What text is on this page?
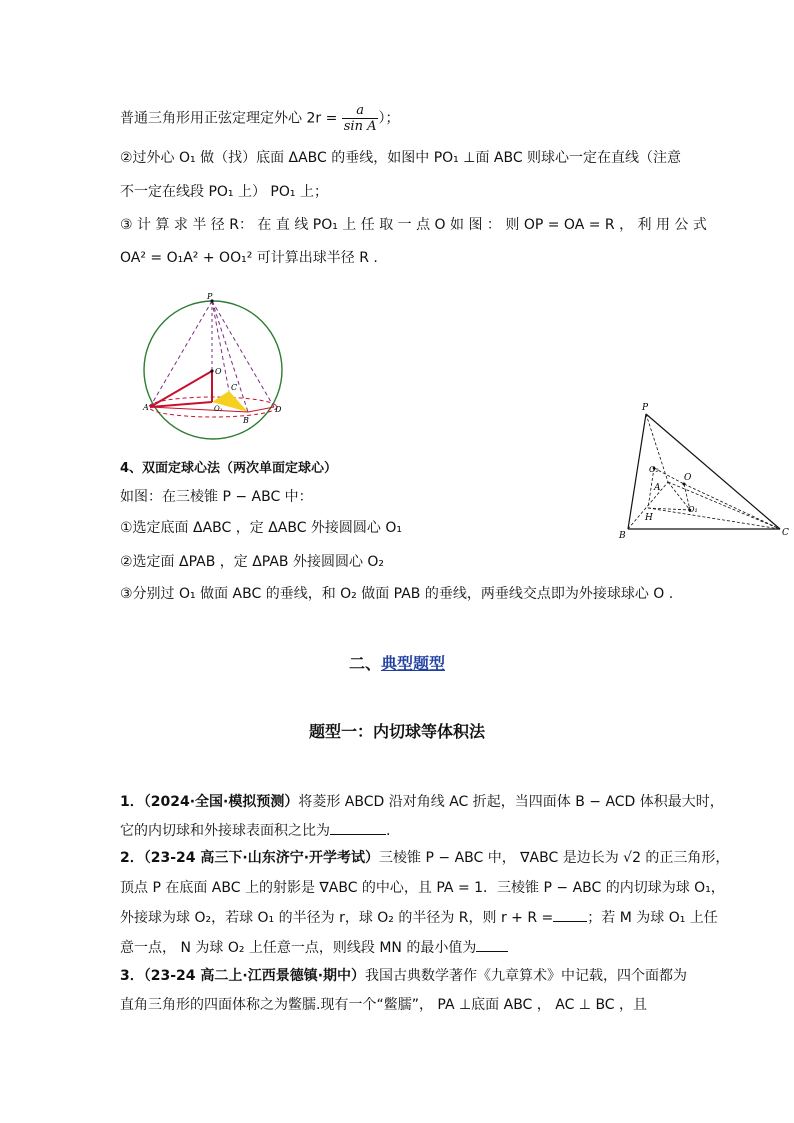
普通三角形用正弦定理定外心 $2r = \frac{a}{\text{sin A}}$ ）；
②过外心 O₁ 做（找）底面 ΔABC 的垂线，如图中 PO₁ ⊥面 ABC 则球心一定在直线（注意
不一定在线段 PO₁ 上） PO₁ 上；
③ 计 算 求 半 径 R： 在 直 线 PO₁ 上 任 取 一 点 O 如 图 ： 则 OP = OA = R ， 利 用 公 式
OA² = O₁A² + OO₁² 可计算出球半径 R .
P
O
C
A	O₁
B
D	P
O₂
O
A
H
O₁
B	C
4、双面定球心法（两次单面定球心）
如图：在三棱锥 P − ABC 中：
①选定底面 ΔABC ，定 ΔABC 外接圆圆心 O₁
②选定面 ΔPAB ，定 ΔPAB 外接圆圆心 O₂
③分别过 O₁ 做面 ABC 的垂线，和 O₂ 做面 PAB 的垂线，两垂线交点即为外接球球心 O .
二、典型题型
题型一：内切球等体积法
1．（2024·全国·模拟预测）将菱形 ABCD 沿对角线 AC 折起，当四面体 B − ACD 体积最大时，
它的内切球和外接球表面积之比为	.
2．（23-24 高三下·山东济宁·开学考试）三棱锥 P − ABC 中， ∇ABC 是边长为 √2 的正三角形，
顶点 P 在底面 ABC 上的射影是 ∇ABC 的中心，且 PA = 1．三棱锥 P − ABC 的内切球为球 O₁，
外接球为球 O₂，若球 O₁ 的半径为 r，球 O₂ 的半径为 R，则 r + R = ；若 M 为球 O₁ 上任
意一点， N 为球 O₂ 上任意一点，则线段 MN 的最小值为
3．（23-24 高二上·江西景德镇·期中）我国古典数学著作《九章算术》中记载，四个面都为
直角三角形的四面体称之为鳖臑.现有一个“鳖臑”， PA ⊥底面 ABC ， AC ⊥ BC ，且
